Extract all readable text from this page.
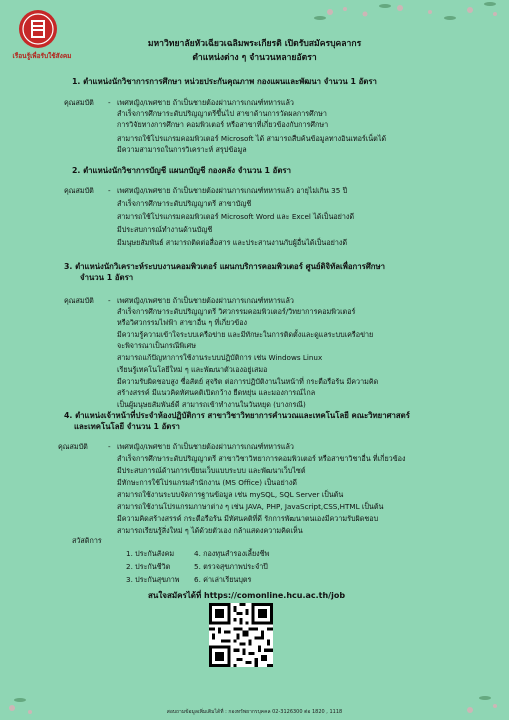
เรือนรู้เพื่อรับใช้สังคม
มหาวิทยาลัยหัวเฉียวเฉลิมพระเกียรติ เปิดรับสมัครบุคลากร
ตำแหน่งต่าง ๆ จำนวนหลายอัตรา
1. ตำแหน่งนักวิชาการการศึกษา หน่วยประกันคุณภาพ กองแผนและพัฒนา จำนวน 1 อัตรา
คุณสมบัติ - เพศหญิง/เพศชาย ถ้าเป็นชายต้องผ่านการเกณฑ์ทหารแล้ว
สำเร็จการศึกษาระดับปริญญาตรีขึ้นไป สาขาด้านการวัดผลการศึกษา
การวิจัยทางการศึกษา คอมพิวเตอร์ หรือสาขาที่เกี่ยวข้องกับการศึกษา
สามารถใช้โปรแกรมคอมพิวเตอร์ Microsoft ได้ สามารถสืบค้นข้อมูลทางอินเทอร์เน็ตได้
มีความสามารถในการวิเคราะห์ สรุปข้อมูล
2. ตำแหน่งนักวิชาการบัญชี แผนกบัญชี กองคลัง จำนวน 1 อัตรา
คุณสมบัติ - เพศหญิง/เพศชาย ถ้าเป็นชายต้องผ่านการเกณฑ์ทหารแล้ว อายุไม่เกิน 35 ปี
สำเร็จการศึกษาระดับปริญญาตรี สาขาบัญชี
สามารถใช้โปรแกรมคอมพิวเตอร์ Microsoft Word และ Excel ได้เป็นอย่างดี
มีประสบการณ์ทำงานด้านบัญชี
มีมนุษยสัมพันธ์ สามารถติดต่อสื่อสาร และประสานงานกับผู้อื่นได้เป็นอย่างดี
3. ตำแหน่งนักวิเคราะห์ระบบงานคอมพิวเตอร์ แผนกบริการคอมพิวเตอร์ ศูนย์ดิจิทัลเพื่อการศึกษา
จำนวน 1 อัตรา
คุณสมบัติ - เพศหญิง/เพศชาย ถ้าเป็นชายต้องผ่านการเกณฑ์ทหารแล้ว
สำเร็จการศึกษาระดับปริญญาตรี วิศวกรรมคอมพิวเตอร์/วิทยาการคอมพิวเตอร์
หรือวิศวกรรมไฟฟ้า สาขาอื่น ๆ ที่เกี่ยวข้อง
มีความรู้ความเข้าใจระบบเครือข่าย และมีทักษะในการติดตั้งและดูแลระบบเครือข่าย
จะพิจารณาเป็นกรณีพิเศษ
สามารถแก้ปัญหาการใช้งานระบบปฏิบัติการ เช่น Windows Linux
เรียนรู้เทคโนโลยีใหม่ ๆ และพัฒนาตัวเองอยู่เสมอ
มีความรับผิดชอบสูง ซื่อสัตย์ สุจริต ต่อการปฏิบัติงานในหน้าที่ กระตือรือร้น มีความคิด
สร้างสรรค์ มีแนวคิดทัศนคติเปิดกว้าง ยืดหยุ่น และมองการณ์ไกล
เป็นผู้มนุษยสัมพันธ์ดี สามารถเข้าทำงานในวันหยุด (บางกรณี)
4. ตำแหน่งเจ้าหน้าที่ประจำห้องปฏิบัติการ สาขาวิชาวิทยาการคำนวณและเทคโนโลยี คณะวิทยาศาสตร์
และเทคโนโลยี จำนวน 1 อัตรา
คุณสมบัติ	- เพศหญิง/เพศชาย ถ้าเป็นชายต้องผ่านการเกณฑ์ทหารแล้ว
สำเร็จการศึกษาระดับปริญญาตรี สาขาวิชาวิทยาการคอมพิวเตอร์ หรือสาขาวิชาอื่น ที่เกี่ยวข้อง
มีประสบการณ์ด้านการเขียนเว็บแบบระบบ และพัฒนาเว็บไซต์
มีทักษะการใช้โปรแกรมสำนักงาน (MS Office) เป็นอย่างดี
สามารถใช้งานระบบจัดการฐานข้อมูล เช่น mySQL, SQL Server เป็นต้น
สามารถใช้งานโปรแกรมภาษาต่าง ๆ เช่น JAVA, PHP, JavaScript,CSS,HTML เป็นต้น
มีความคิดสร้างสรรค์ กระตือรือร้น มีทัศนคติที่ดี รักการพัฒนาตนเองมีความรับผิดชอบ
สามารถเรียนรู้สิ่งใหม่ ๆ ได้ด้วยตัวเอง กล้าแสดงความคิดเห็น
สวัสดิการ
1. ประกันสังคม
2. ประกันชีวิต
3. ประกันสุขภาพ
4. กองทุนสำรองเลี้ยงชีพ
5. ตรวจสุขภาพประจำปี
6. ค่าเล่าเรียนบุตร
สนใจสมัครได้ที่ https://comonline.hcu.ac.th/job
สอบถามข้อมูลเพิ่มเติมได้ที่ : กองทรัพยากรบุคคล 02-3126300 ต่อ 1820 , 1118
